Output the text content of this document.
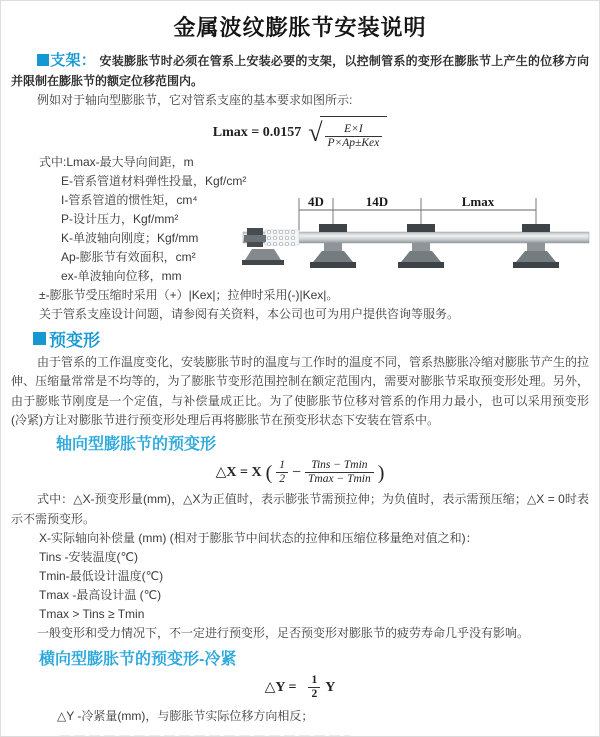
金属波纹膨胀节安装说明

支架： 安装膨胀节时必须在管系上安装必要的支架，以控制管系的变形在膨胀节上产生的位移方向并限制在膨胀节的额定位移范围内。

例如对于轴向型膨胀节，它对管系支座的基本要求如图所示:

Lmax = 0.0157 √ $\frac{E\times I}{\text{P×Ap±Kex}}$
式中:Lmax-最大导向间距，m
E-管系管道材料弹性投量，Kgf/cm²
I-管系管道的惯性矩，cm⁴
P-设计压力，Kgf/mm²
K-单波轴向刚度；Kgf/mm
Ap-膨胀节有效面积，cm²
ex-单波轴向位移，mm
±-膨胀节受压缩时采用（+）|Kex|；拉伸时采用(-)|Kex|。
关于管系支座设计问题，请参阅有关资料，本公司也可为用户提供咨询等服务。
4D	14D	Lmax
预变形

由于管系的工作温度变化，安装膨胀节时的温度与工作时的温度不同，管系热膨胀冷缩对膨胀节产生的拉伸、压缩量常常是不均等的，为了膨胀节变形范围控制在额定范围内，需要对膨胀节采取预变形处理。另外，由于膨账节刚度是一个定值，与补偿量成正比。为了使膨胀节位移对管系的作用力最小，也可以采用预变形(冷紧)方让对膨胀节进行预变形处理后再将膨胀节在预变形状态下安装在管系中。

轴向型膨胀节的预变形
△X = X ( $\frac{1}{2} - \frac{\text{Tins − Tmin}}{Tmax - Tmin}$ )

式中：△X-预变形量(mm)，△X为正值时，表示膨张节需预拉伸；为负值时，表示需预压缩；△X = 0时表示不需预变形。

X-实际轴向补偿量 (mm) (相对于膨胀节中间状态的拉伸和压缩位移量绝对值之和)：
Tins -安装温度(℃)
Tmin-最低设计温度(℃)
Tmax -最高设计温 (℃)
Tmax > Tins ≥ Tmin

一般变形和受力情况下，不一定进行预变形，足否预变形对膨胀节的疲劳寿命几乎没有影响。

横向型膨胀节的预变形-冷紧
△Y = $\frac{1}{2}$ Y

△Y -冷紧量(mm)，与膨胀节实际位移方向相反；
